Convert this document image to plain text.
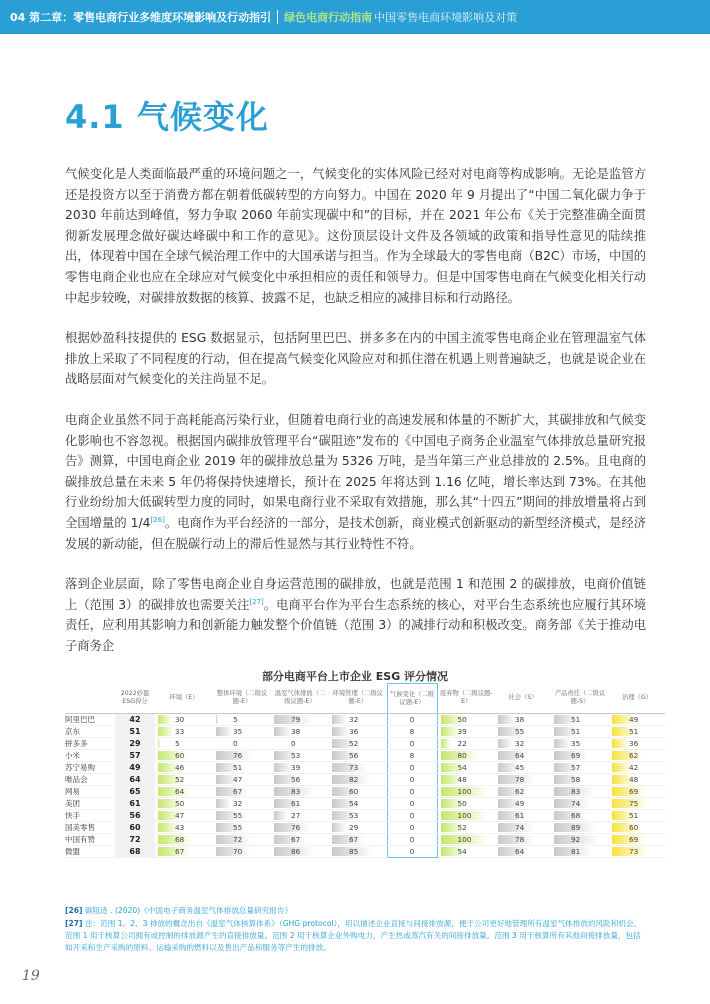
04 第二章：零售电商行业多维度环境影响及行动指引 绿色电商行动指南 中国零售电商环境影响及对策
4.1 气候变化

气候变化是人类面临最严重的环境问题之一，气候变化的实体风险已经对对电商等构成影响。无论是监管方还是投资方以至于消费方都在朝着低碳转型的方向努力。中国在 2020 年 9 月提出了“中国二氧化碳力争于 2030 年前达到峰值，努力争取 2060 年前实现碳中和”的目标，并在 2021 年公布《关于完整准确全面贯彻新发展理念做好碳达峰碳中和工作的意见》。这份顶层设计文件及各领域的政策和指导性意见的陆续推出，体现着中国在全球气候治理工作中的大国承诺与担当。作为全球最大的零售电商（B2C）市场，中国的零售电商企业也应在全球应对气候变化中承担相应的责任和领导力。但是中国零售电商在气候变化相关行动中起步较晚，对碳排放数据的核算、披露不足，也缺乏相应的减排目标和行动路径。

根据妙盈科技提供的 ESG 数据显示，包括阿里巴巴、拼多多在内的中国主流零售电商企业在管理温室气体排放上采取了不同程度的行动，但在提高气候变化风险应对和抓住潜在机遇上则普遍缺乏，也就是说企业在战略层面对气候变化的关注尚显不足。

电商企业虽然不同于高耗能高污染行业，但随着电商行业的高速发展和体量的不断扩大，其碳排放和气候变化影响也不容忽视。根据国内碳排放管理平台“碳阻迹”发布的《中国电子商务企业温室气体排放总量研究报告》测算，中国电商企业 2019 年的碳排放总量为 5326 万吨，是当年第三产业总排放的 2.5%。且电商的碳排放总量在未来 5 年仍将保持快速增长，预计在 2025 年将达到 1.16 亿吨，增长率达到 73%。在其他行业纷纷加大低碳转型力度的同时，如果电商行业不采取有效措施，那么其“十四五”期间的排放增量将占到全国增量的 1/4[26]。电商作为平台经济的一部分，是技术创新，商业模式创新驱动的新型经济模式，是经济发展的新动能，但在脱碳行动上的滞后性显然与其行业特性不符。

落到企业层面，除了零售电商企业自身运营范围的碳排放，也就是范围 1 和范围 2 的碳排放，电商价值链上（范围 3）的碳排放也需要关注[27]。电商平台作为平台生态系统的核心，对平台生态系统也应履行其环境责任，应利用其影响力和创新能力触发整个价值链（范围 3）的减排行动和积极改变。商务部《关于推动电子商务企

部分电商平台上市企业 ESG 评分情况
	2022妙盈ESG得分	环境（E）	整体环境（二级议题-E）	温室气体排放（二级议题-E）	环境管理（二级议题-E）	气候变化（二级议题-E）	废弃物（二级议题-E）	社会（S）	产品责任（二级议题-S）	治理（G）
阿里巴巴	42	30	5	79	32	0	50	38	51	49

京东	51	33	35	38	36	8	39	55	51	51

拼多多	29	5	0	0	52	0	22	32	35	36

小米	57	60	76	53	56	8	80	64	69	62

苏宁易购	49	46	51	39	73	0	54	45	57	42

唯品会	64	52	47	56	82	0	48	78	58	48

网易	65	64	67	83	60	0	100	62	83	69

美团	61	50	32	61	54	0	50	49	74	75

快手	56	47	55	27	53	0	100	61	68	51

国美零售	60	43	55	76	29	0	52	74	89	60

中国有赞	72	68	72	67	67	0	100	78	92	69

微盟	68	67	70	86	85	0	54	64	81	73
[26] 碳阻迹 . (2020)《中国电子商务温室气体排放总量研究报告》
[27] 注：范围 1、2、3 排放的概念出自《温室气体核算体系》（GHG protocol），用以描述企业直接与间接排放源，便于公司更好地管理所有温室气体排放的风险和机会。范围 1 用于核算公司拥有或控制的排放源产生的直接排放量。范围 2 用于核算企业外购电力，产生热或蒸汽有关的间接排放量。范围 3 用于核算所有其他间接排放量，包括如开采和生产采购的原料、运输采购的燃料以及售出产品和服务等产生的排放。
19
